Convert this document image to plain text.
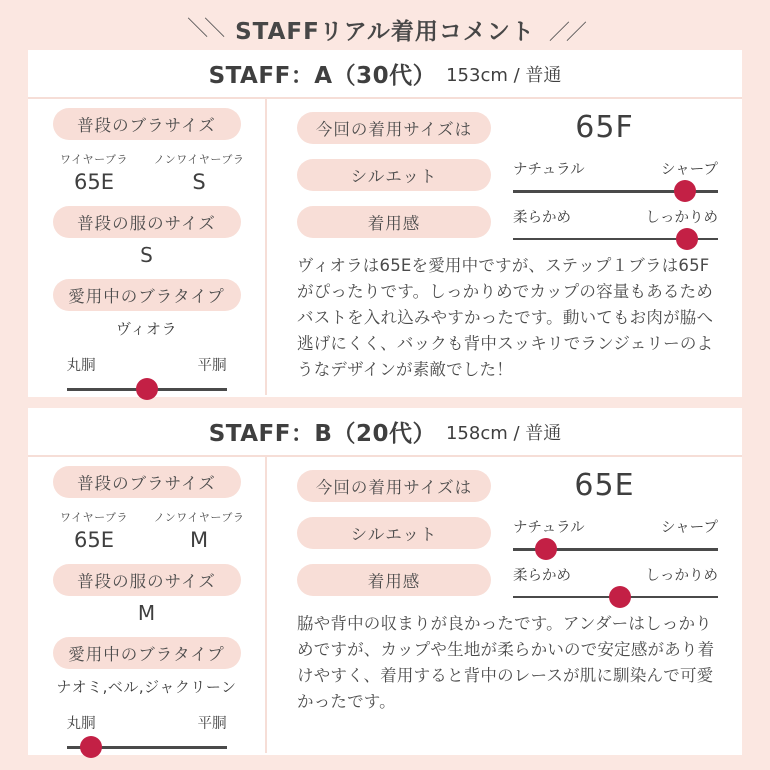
＼＼ STAFFリアル着用コメント ／／
STAFF：A（30代） 153cm / 普通
普段のブラサイズ
ワイヤーブラ
65E
ノンワイヤーブラ
S
普段の服のサイズ
S
愛用中のブラタイプ
ヴィオラ
丸胴	平胴
今回の着用サイズは	65F
シルエット	ナチュラル	シャープ
着用感	柔らかめ	しっかりめ
ヴィオラは65Eを愛用中ですが、ステップ１ブラは65Fがぴったりです。しっかりめでカップの容量もあるためバストを入れ込みやすかったです。動いてもお肉が脇へ逃げにくく、バックも背中スッキリでランジェリーのようなデザインが素敵でした！
STAFF：B（20代） 158cm / 普通
普段のブラサイズ
ワイヤーブラ
65E
ノンワイヤーブラ
M
普段の服のサイズ
M
愛用中のブラタイプ
ナオミ,ベル,ジャクリーン
丸胴	平胴
今回の着用サイズは	65E
シルエット	ナチュラル	シャープ
着用感	柔らかめ	しっかりめ
脇や背中の収まりが良かったです。アンダーはしっかりめですが、カップや生地が柔らかいので安定感があり着けやすく、着用すると背中のレースが肌に馴染んで可愛かったです。
